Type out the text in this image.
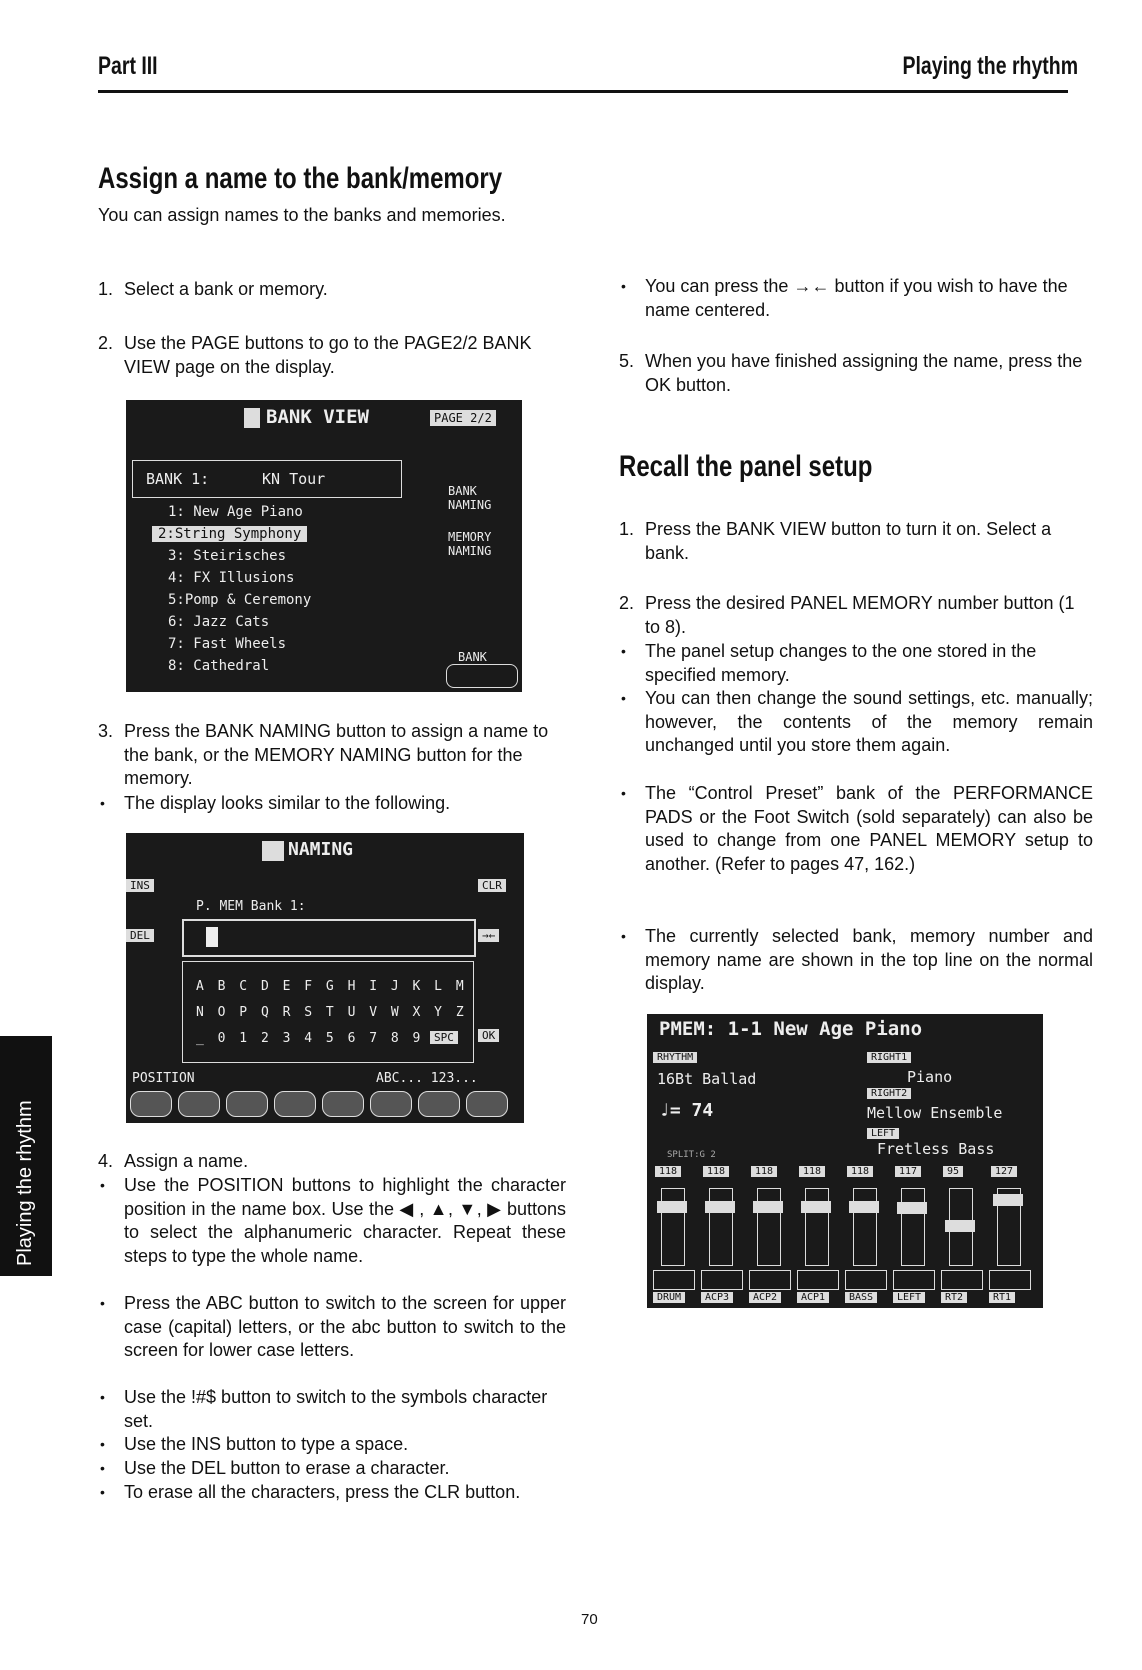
Part III	Playing the rhythm
Assign a name to the bank/memory
You can assign names to the banks and memories.
1. Select a bank or memory.
2. Use the PAGE buttons to go to the PAGE2/2 BANK VIEW page on the display.
BANK VIEW	PAGE 2/2
BANK 1:	KN Tour
BANK NAMING
MEMORY NAMING
BANK
1: New Age Piano
2:String Symphony
3: Steirisches
4: FX Illusions
5:Pomp & Ceremony
6: Jazz Cats
7: Fast Wheels
8: Cathedral
3. Press the BANK NAMING button to assign a name to the bank, or the MEMORY NAMING button for the memory.
• The display looks similar to the following.
NAMING
INS
DEL
CLR
→←
OK
P. MEM Bank 1:
A B C D E F G H I J K L M
N O P Q R S T U V W X Y Z
_ 0 1 2 3 4 5 6 7 8 9 SPC
POSITION	ABC... 123...
4. Assign a name.
• Use the POSITION buttons to highlight the character position in the name box. Use the ◀ , ▲, ▼, ▶ buttons to select the alphanumeric character. Repeat these steps to type the whole name.
• Press the ABC button to switch to the screen for upper case (capital) letters, or the abc button to switch to the screen for lower case letters.
• Use the !#$ button to switch to the symbols character set.
• Use the INS button to type a space.
• Use the DEL button to erase a character.
• To erase all the characters, press the CLR button.
• You can press the →← button if you wish to have the name centered.
5. When you have finished assigning the name, press the OK button.
Recall the panel setup
1. Press the BANK VIEW button to turn it on. Select a bank.
2. Press the desired PANEL MEMORY number button (1 to 8).
• The panel setup changes to the one stored in the specified memory.
• You can then change the sound settings, etc. manually; however, the contents of the memory remain unchanged until you store them again.
• The “Control Preset” bank of the PERFORMANCE PADS or the Foot Switch (sold separately) can also be used to change from one PANEL MEMORY setup to another. (Refer to pages 47, 162.)
• The currently selected bank, memory number and memory name are shown in the top line on the normal display.
PMEM: 1-1 New Age Piano
RHYTHM
16Bt Ballad
♩= 74
RIGHT1
Piano
RIGHT2
Mellow Ensemble
LEFT
Fretless Bass
SPLIT:G 2
118
DRUM
118
ACP3
118
ACP2
118
ACP1
118
BASS
117
LEFT
95
RT2
127
RT1
Playing the rhythm
70
